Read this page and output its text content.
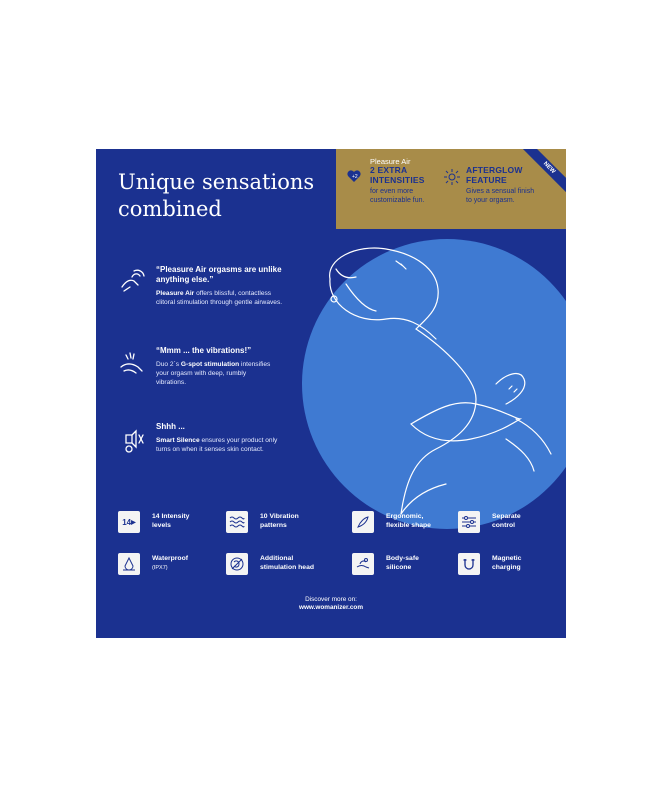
Unique sensations
combined
+2
Pleasure Air
2 EXTRA
INTENSITIES
for even more
customizable fun.
AFTERGLOW
FEATURE
Gives a sensual finish
to your orgasm.
NEW
“Pleasure Air orgasms are unlike
anything else.”
Pleasure Air offers blissful, contactless
clitoral stimulation through gentle airwaves.
“Mmm ... the vibrations!”
Duo 2´s G-spot stimulation intensifies
your orgasm with deep, rumbly
vibrations.
Shhh ...
Smart Silence ensures your product only
turns on when it senses skin contact.
14 ▶
14 Intensity
levels
10 Vibration
patterns
Ergonomic,
flexible shape
Separate
control
Waterproof
(IPX7)
Additional
stimulation head
Body-safe
silicone
Magnetic
charging
Discover more on:
www.womanizer.com
